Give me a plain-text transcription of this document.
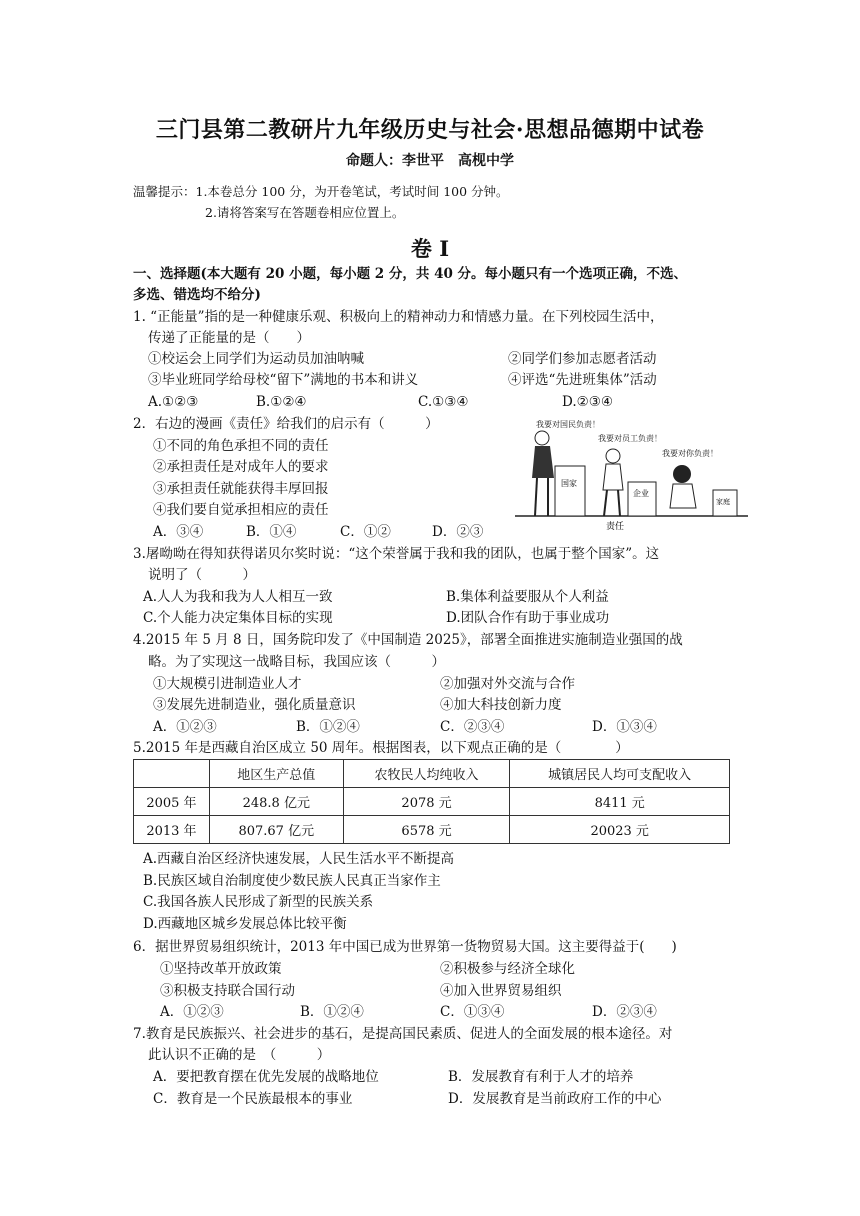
三门县第二教研片九年级历史与社会·思想品德期中试卷
命题人：李世平　高枧中学
温馨提示：1.本卷总分 100 分，为开卷笔试，考试时间 100 分钟。
2.请将答案写在答题卷相应位置上。
卷 I
一、选择题(本大题有 20 小题，每小题 2 分，共 40 分。每小题只有一个选项正确，不选、
多选、错选均不给分)
1. “正能量”指的是一种健康乐观、积极向上的精神动力和情感力量。在下列校园生活中，
传递了正能量的是（　　）
①校运会上同学们为运动员加油呐喊	②同学们参加志愿者活动
③毕业班同学给母校“留下”满地的书本和讲义	④评选“先进班集体”活动
A.①②③	B.①②④	C.①③④	D.②③④
2．右边的漫画《责任》给我们的启示有（　　　）
①不同的角色承担不同的责任
②承担责任是对成年人的要求
③承担责任就能获得丰厚回报
④我们要自觉承担相应的责任
A．③④	B．①④	C．①②	D．②③
我要对国民负责！
我要对员工负责！
我要对你负责！
国家
企业
家庭
责任
3.屠呦呦在得知获得诺贝尔奖时说：“这个荣誉属于我和我的团队，也属于整个国家”。这
说明了（　　　）
A.人人为我和我为人人相互一致	B.集体利益要服从个人利益
C.个人能力决定集体目标的实现	D.团队合作有助于事业成功
4.2015 年 5 月 8 日，国务院印发了《中国制造 2025》，部署全面推进实施制造业强国的战
略。为了实现这一战略目标，我国应该（　　　）
①大规模引进制造业人才	②加强对外交流与合作
③发展先进制造业，强化质量意识	④加大科技创新力度
A．①②③	B．①②④	C．②③④	D．①③④
5.2015 年是西藏自治区成立 50 周年。根据图表，以下观点正确的是（　　　　）
	地区生产总值	农牧民人均纯收入	城镇居民人均可支配收入
2005 年	248.8 亿元	2078 元	8411 元
2013 年	807.67 亿元	6578 元	20023 元
A.西藏自治区经济快速发展，人民生活水平不断提高
B.民族区域自治制度使少数民族人民真正当家作主
C.我国各族人民形成了新型的民族关系
D.西藏地区城乡发展总体比较平衡
6．据世界贸易组织统计，2013 年中国已成为世界第一货物贸易大国。这主要得益于(　　)
①坚持改革开放政策	②积极参与经济全球化
③积极支持联合国行动	④加入世界贸易组织
A．①②③	B．①②④	C．①③④	D．②③④
7.教育是民族振兴、社会进步的基石，是提高国民素质、促进人的全面发展的根本途径。对
此认识不正确的是　（　　　）
A．要把教育摆在优先发展的战略地位	B．发展教育有利于人才的培养
C．教育是一个民族最根本的事业	D．发展教育是当前政府工作的中心
